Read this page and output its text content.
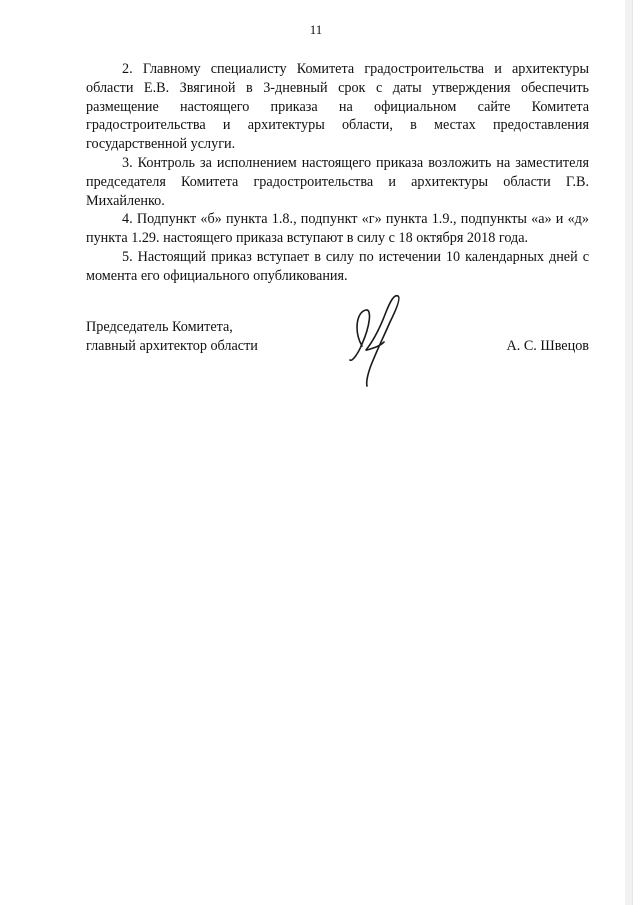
11

2. Главному специалисту Комитета градостроительства и архитектуры области Е.В. Звягиной в 3-дневный срок с даты утверждения обеспечить размещение настоящего приказа на официальном сайте Комитета градостроительства и архитектуры области, в местах предоставления государственной услуги.

3. Контроль за исполнением настоящего приказа возложить на заместителя председателя Комитета градостроительства и архитектуры области Г.В. Михайленко.

4. Подпункт «б» пункта 1.8., подпункт «г» пункта 1.9., подпункты «а» и «д» пункта 1.29. настоящего приказа вступают в силу с 18 октября 2018 года.

5. Настоящий приказ вступает в силу по истечении 10 календарных дней с момента его официального опубликования.

Председатель Комитета,
главный архитектор области	А. С. Швецов
